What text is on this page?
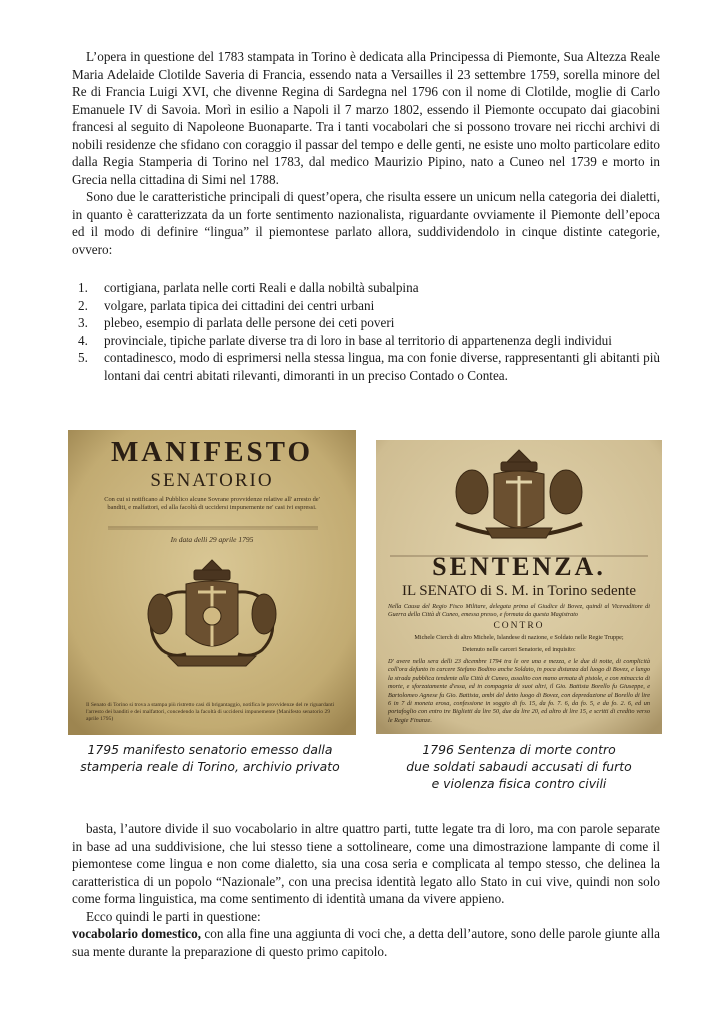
L’opera in questione del 1783 stampata in Torino è dedicata alla Principessa di Piemonte, Sua Altezza Reale Maria Adelaide Clotilde Saveria di Francia, essendo nata a Versailles il 23 settembre 1759, sorella minore del Re di Francia Luigi XVI, che divenne Regina di Sardegna nel 1796 con il nome di Clotilde, moglie di Carlo Emanuele IV di Savoia. Morì in esilio a Napoli il 7 marzo 1802, essendo il Piemonte occupato dai giacobini francesi al seguito di Napoleone Buonaparte. Tra i tanti vocabolari che si possono trovare nei ricchi archivi di nobili residenze che sfidano con coraggio il passar del tempo e delle genti, ne esiste uno molto particolare edito dalla Regia Stamperia di Torino nel 1783, dal medico Maurizio Pipino, nato a Cuneo nel 1739 e morto in Grecia nella cittadina di Simi nel 1788.

Sono due le caratteristiche principali di quest’opera, che risulta essere un unicum nella categoria dei dialetti, in quanto è caratterizzata da un forte sentimento nazionalista, riguardante ovviamente il Piemonte dell’epoca ed il modo di definire “lingua” il piemontese parlato allora, suddividendolo in cinque distinte categorie, ovvero:

1. cortigiana, parlata nelle corti Reali e dalla nobiltà subalpina
2. volgare, parlata tipica dei cittadini dei centri urbani
3. plebeo, esempio di parlata delle persone dei ceti poveri
4. provinciale, tipiche parlate diverse tra di loro in base al territorio di appartenenza degli individui
5. contadinesco, modo di esprimersi nella stessa lingua, ma con fonie diverse, rappresentanti gli abitanti più lontani dai centri abitati rilevanti, dimoranti in un preciso Contado o Contea.
MANIFESTO
SENATORIO
Con cui si notificano al Pubblico alcune Sovrane provvidenze relative all' arresto de' banditi, e malfattori, ed alla facoltà di uccidersi impunemente ne' casi ivi espressi.
In data delli 29 aprile 1795
Il Senato di Torino si trova a stampa più ristretto casi di brigantaggio, notifica le provvidenze del re riguardanti l'arresto dei banditi e dei malfattori, concedendo la facoltà di uccidersi impunemente (Manifesto senatorio 29 aprile 1795)
SENTENZA.
IL SENATO di S. M. in Torino sedente
Nella Causa del Regio Fisco Militare, delegata prima al Giudice di Bovez, quindi al Vicevaditore di Guerra della Città di Cuneo, emessa presso, e formata da questa Magistrato
CONTRO
Michele Cierch di altro Michele, Islandese di nazione, e Soldato nelle Regie Truppe;
Detenuto nelle carceri Senatorie, ed inquisito:
D' avere nella sera delli 23 dicembre 1794 tra le ore una e mezza, e le due di notte, di complicità coll'ora defunto in carcere Stefano Bodino anche Soldato, in poca distanza dal luogo di Bovez, e lungo la strada pubblica tendente alla Città di Cuneo, assalito con mano armata di pistole, e con minaccia di morte, e sforzatamente d'essa, ed in compagnia di suoi altri, il Gio. Battista Borello fu Giuseppe, e Bartolomeo Agnese fu Gio. Battista, ambi del detto luogo di Bovez, con depredazione al Borello di lire 6 in 7 di moneta erosa, confessione in soggio di fo. 15, da fo. 7. 6, da fo. 5, e da fo. 2. 6, ed un portafoglio con entro tre Biglietti da lire 50, due da lire 20, ed altro di lire 15, e scritti di credito verso le Regie Finanze.
1795 manifesto senatorio emesso dalla
stamperia reale di Torino, archivio privato
1796 Sentenza di morte contro
due soldati sabaudi accusati di furto
e violenza fisica contro civili

basta, l’autore divide il suo vocabolario in altre quattro parti, tutte legate tra di loro, ma con parole separate in base ad una suddivisione, che lui stesso tiene a sottolineare, come una dimostrazione lampante di come il piemontese come lingua e non come dialetto, sia una cosa seria e complicata al tempo stesso, che delinea la caratteristica di un popolo “Nazionale”, con una precisa identità legato allo Stato in cui vive, quindi non solo come forma linguistica, ma come sentimento di identità umana da vivere appieno.

Ecco quindi le parti in questione:

vocabolario domestico, con alla fine una aggiunta di voci che, a detta dell’autore, sono delle parole giunte alla sua mente durante la preparazione di questo primo capitolo.
